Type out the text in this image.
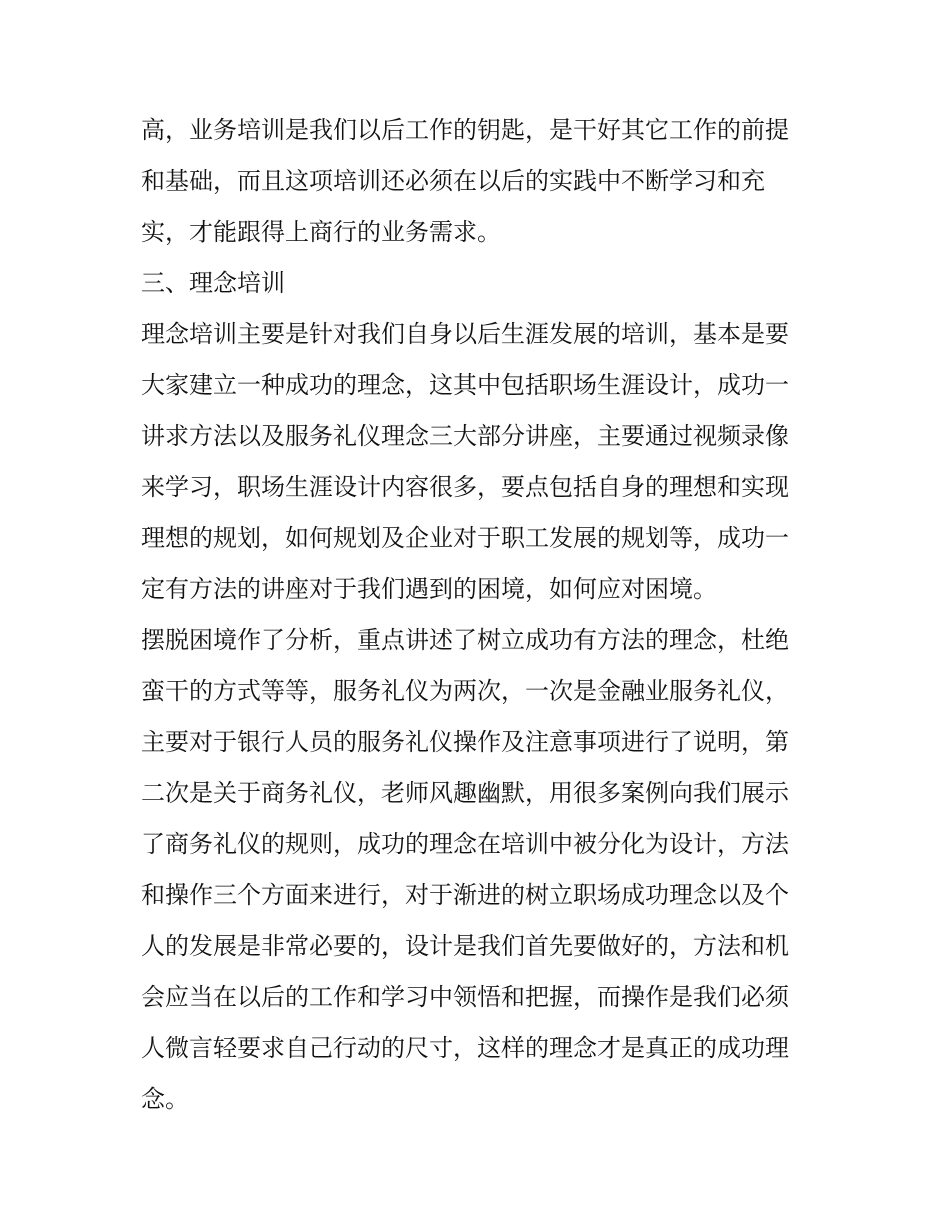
高，业务培训是我们以后工作的钥匙，是干好其它工作的前提
和基础，而且这项培训还必须在以后的实践中不断学习和充
实，才能跟得上商行的业务需求。
三、理念培训
理念培训主要是针对我们自身以后生涯发展的培训，基本是要
大家建立一种成功的理念，这其中包括职场生涯设计，成功一
讲求方法以及服务礼仪理念三大部分讲座，主要通过视频录像
来学习，职场生涯设计内容很多，要点包括自身的理想和实现
理想的规划，如何规划及企业对于职工发展的规划等，成功一
定有方法的讲座对于我们遇到的困境，如何应对困境。
摆脱困境作了分析，重点讲述了树立成功有方法的理念，杜绝
蛮干的方式等等，服务礼仪为两次，一次是金融业服务礼仪，
主要对于银行人员的服务礼仪操作及注意事项进行了说明，第
二次是关于商务礼仪，老师风趣幽默，用很多案例向我们展示
了商务礼仪的规则，成功的理念在培训中被分化为设计，方法
和操作三个方面来进行，对于渐进的树立职场成功理念以及个
人的发展是非常必要的，设计是我们首先要做好的，方法和机
会应当在以后的工作和学习中领悟和把握，而操作是我们必须
人微言轻要求自己行动的尺寸，这样的理念才是真正的成功理
念。
